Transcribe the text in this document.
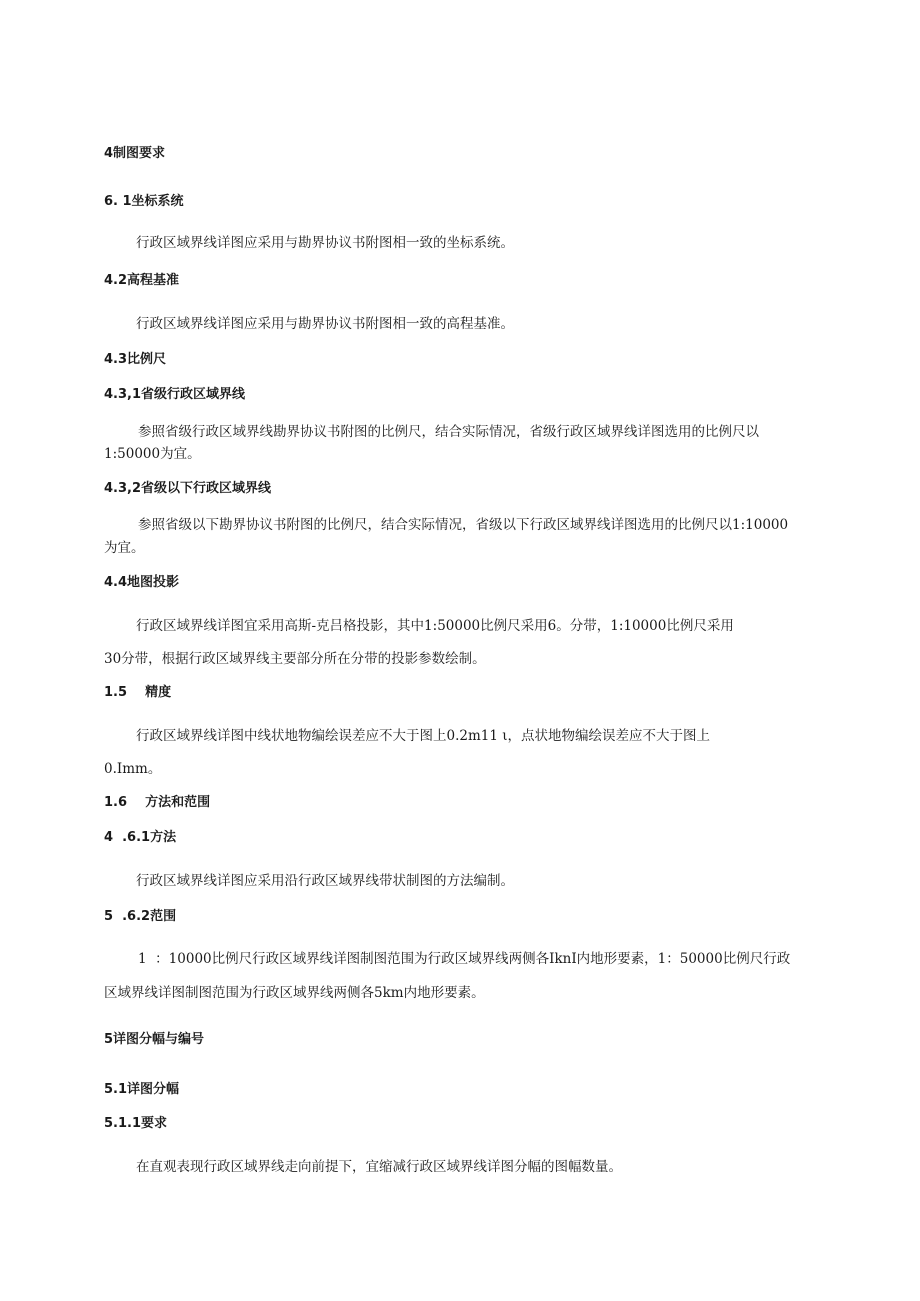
4制图要求
6. 1坐标系统
行政区域界线详图应采用与勘界协议书附图相一致的坐标系统。
4.2高程基准
行政区域界线详图应采用与勘界协议书附图相一致的高程基准。
4.3比例尺
4.3,1省级行政区域界线
参照省级行政区域界线勘界协议书附图的比例尺，结合实际情况，省级行政区域界线详图选用的比例尺以
1:50000为宜。
4.3,2省级以下行政区域界线
参照省级以下勘界协议书附图的比例尺，结合实际情况，省级以下行政区域界线详图选用的比例尺以1:10000
为宜。
4.4地图投影
行政区域界线详图宜采用高斯-克吕格投影，其中1:50000比例尺采用6。分带，1:10000比例尺采用
30分带，根据行政区域界线主要部分所在分带的投影参数绘制。
1.5    精度
行政区域界线详图中线状地物编绘误差应不大于图上0.2m11 ι，点状地物编绘误差应不大于图上
0.Imm。
1.6    方法和范围
4  .6.1方法
行政区域界线详图应采用沿行政区域界线带状制图的方法编制。
5  .6.2范围
1  ：10000比例尺行政区域界线详图制图范围为行政区域界线两侧各IknI内地形要素，1：50000比例尺行政
区域界线详图制图范围为行政区域界线两侧各5km内地形要素。
5详图分幅与编号
5.1详图分幅
5.1.1要求
在直观表现行政区域界线走向前提下，宜缩减行政区域界线详图分幅的图幅数量。
